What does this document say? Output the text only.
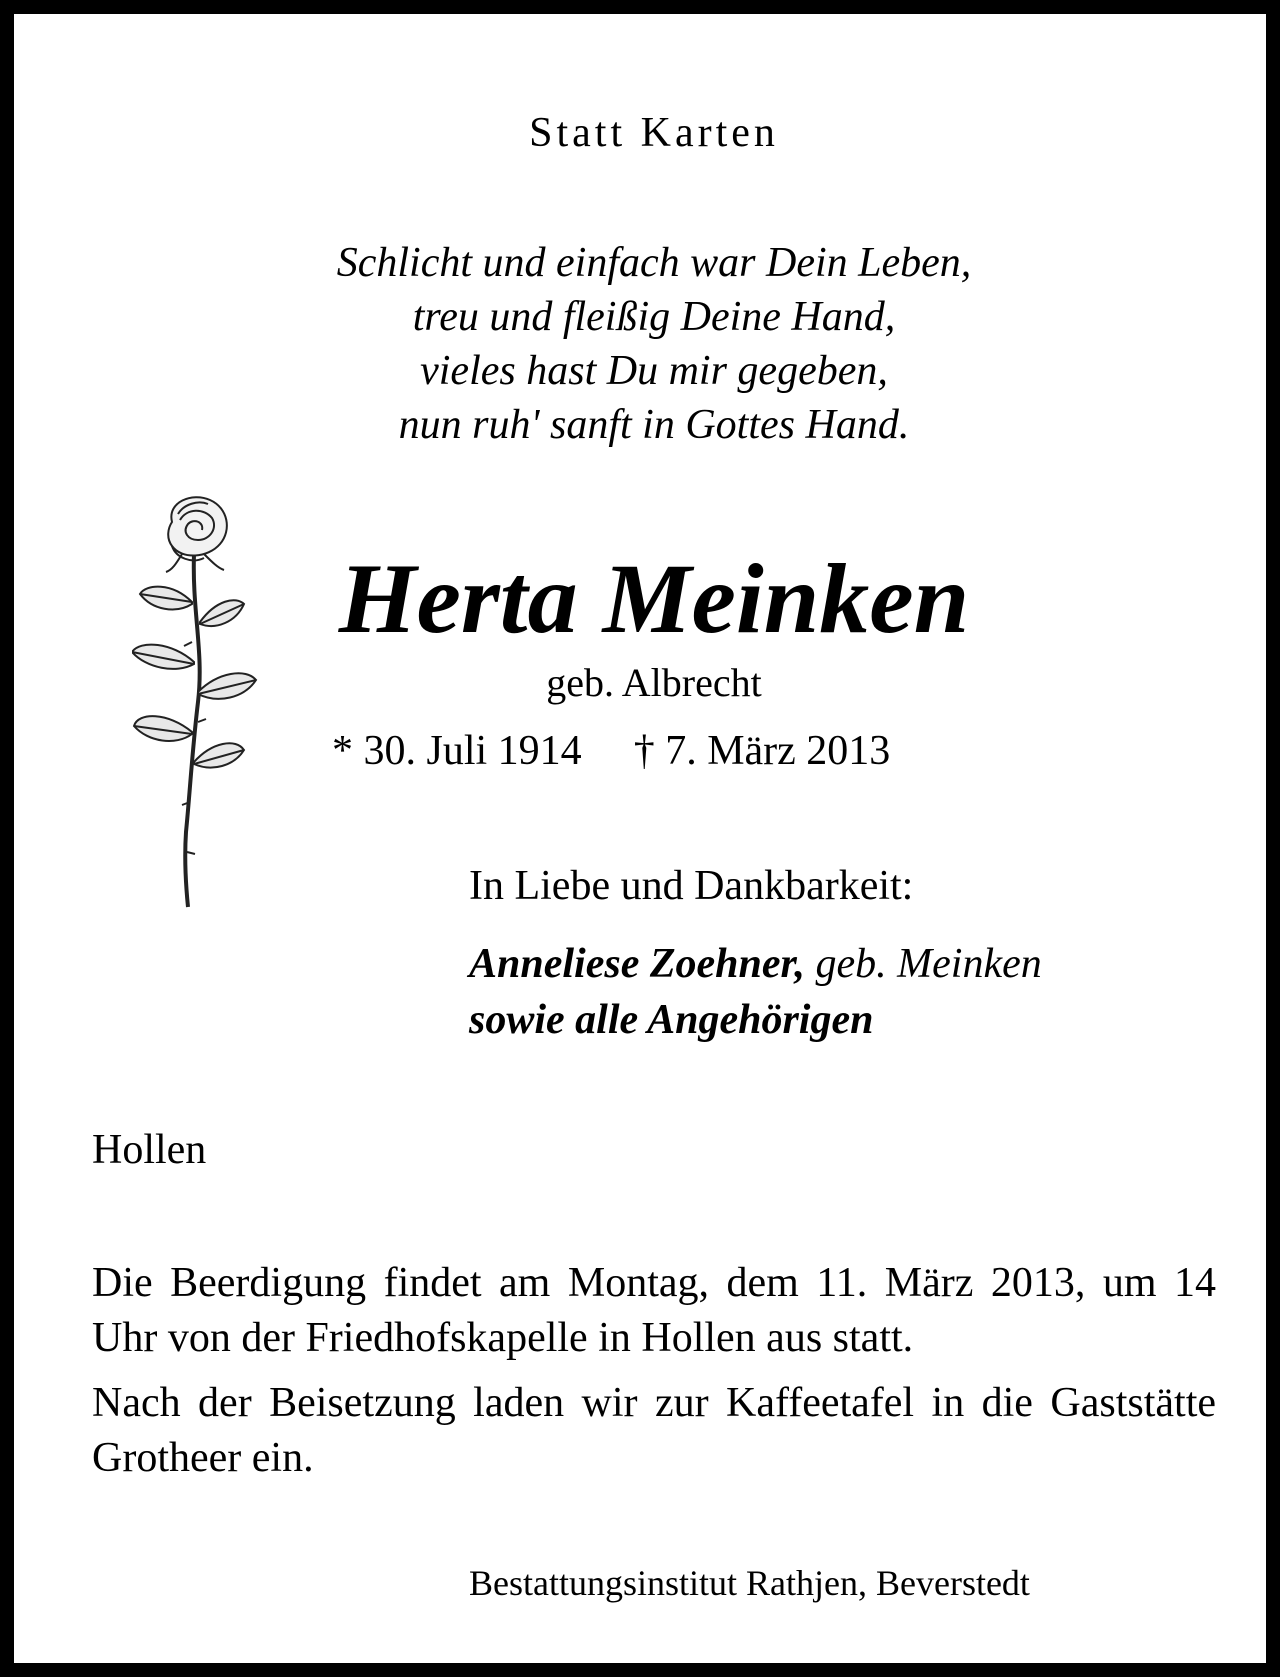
Statt Karten
Schlicht und einfach war Dein Leben,
treu und fleißig Deine Hand,
vieles hast Du mir gegeben,
nun ruh' sanft in Gottes Hand.
Herta Meinken
geb. Albrecht
* 30. Juli 1914 † 7. März 2013
In Liebe und Dankbarkeit:
Anneliese Zoehner, geb. Meinken
sowie alle Angehörigen
Hollen

Die Beerdigung findet am Montag, dem 11. März 2013, um 14 Uhr von der Friedhofskapelle in Hollen aus statt.

Nach der Beisetzung laden wir zur Kaffeetafel in die Gaststätte Grotheer ein.

Bestattungsinstitut Rathjen, Beverstedt
